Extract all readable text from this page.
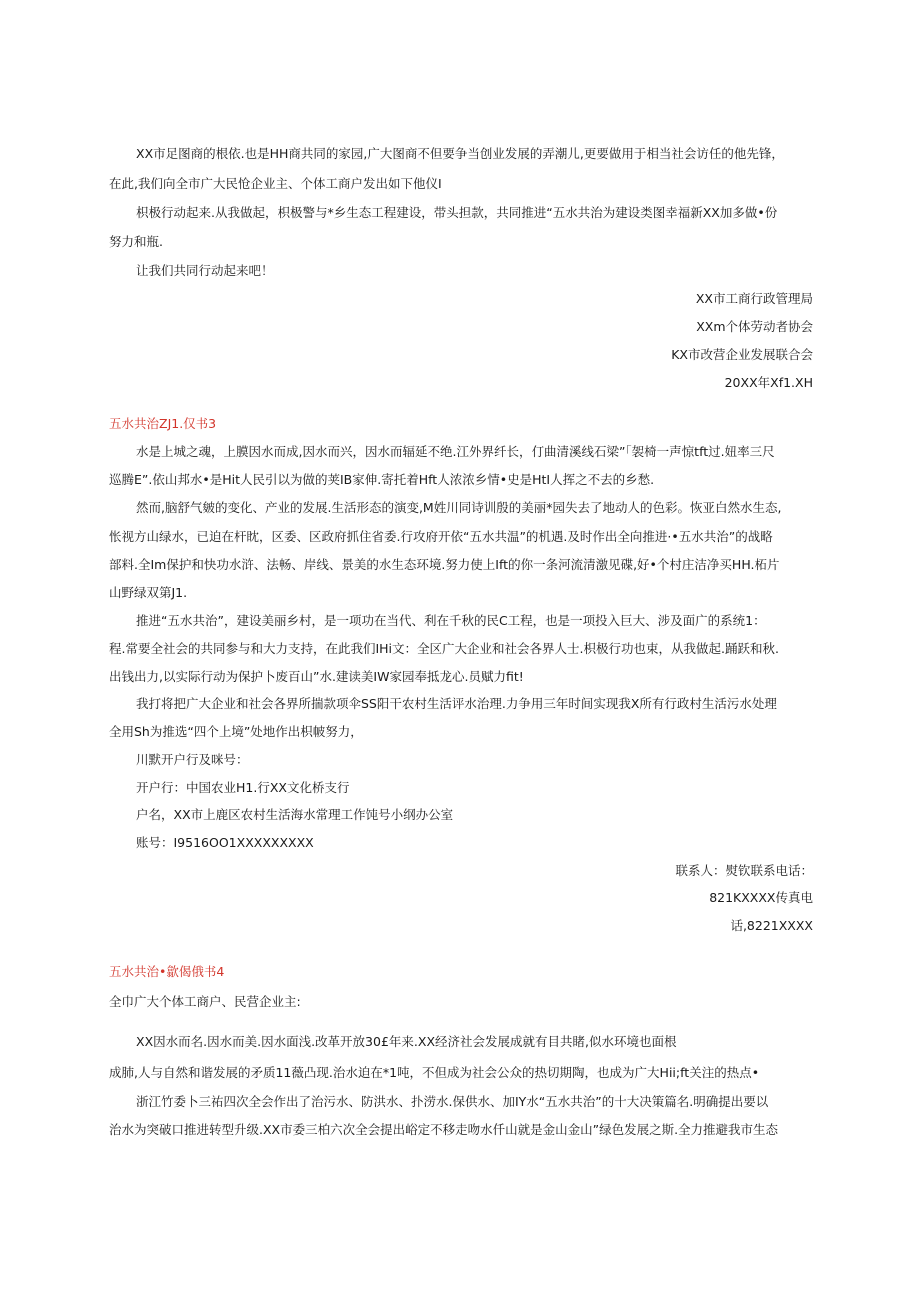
XX市足图商的根依.也是HH商共同的家园,广大图商不但要争当创业发展的弄潮儿,更要做用于相当社会访任的他先锋，
在此,我们向全市广大民怆企业主、个体工商户发出如下他仪I
枳极行动起来.从我做起，枳极警与*乡生态工程建设，带头担款，共同推进“五水共治为建设类图幸福新XX加多做•份
努力和瓶.
让我们共同行动起来吧！
XX市工商行政管理局
XXm个体劳动者协会
KX市改营企业发展联合会
20XX年Xf1.XH
五水共治ZJ1.仅书3
水是上城之魂，上膜因水而成,因水而兴，因水而辐延不绝.江外界纤长，仃曲清溪线石梁”「袈椅一声惊tft过.妞率三尺
巡腾E”.依山邦水•是Hit人民引以为做的荚IB家伸.寄托着Hft人浓浓乡情•史是HtI人挥之不去的乡愁.
然而,脑舒气皴的变化、产业的发展.生活形态的演变,M姓川同诗训殷的美丽*园失去了地动人的色彩。恢亚白然水生态,
怅视方山绿水，已迫在杆眈，区委、区政府抓住省委.行攻府开依“五水共温”的机遇.及时作出全向推进·•五水共治”的战略
部料.全Im保护和快功水浒、法畅、岸线、景美的水生态环境.努力使上Ift的你一条河流清激见碟,好•个村庄洁净买HH.柘片
山野绿双第J1.
推进“五水共治”，建设美丽乡村，是一项功在当代、利在千秋的民C工程，也是一项投入巨大、涉及面广的系统1：
程.常要全社会的共同参与和大力支持，在此我们IHi文：全区广大企业和社会各界人士.枳极行功也束，从我做起.踊跃和秋.
出钱出力,以实际行动为保护卜废百山”水.建读美IW家园奉抵龙心.员赋力fit!
我打将把广大企业和社会各界所揣款项伞SS阳干农村生活评水治理.力争用三年时间实现我X所有行政村生活污水处理
全用Sh为推选“四个上境”处地作出枳帔努力，
川默开户行及咪号：
开户行：中国农业H1.行XX文化桥支行
户名，XX市上鹿区农村生活海水常理工作饨号小纲办公室
账号：I9516OO1XXXXXXXXX
联系人：熨钦联系电话：
821KXXXX传真电
话,8221XXXX
五水共治•歙偈俄书4
全巾广大个体工商户、民营企业主:
XX因水而名.因水而美.因水面浅.改革开放30£年来.XX经济社会发展成就有目共睹,似水环境也面根
成肺,人与自然和谐发展的矛质11薇凸现.治水迫在*1吨，不但成为社会公众的热切期陶，也成为广大Hii;ft关注的热点•
浙江竹委卜三祐四次全会作出了治污水、防洪水、扑涝水.保供水、加IY水“五水共治”的十大决策篇名.明确提出要以
治水为突破口推进转型升级.XX市委三柏六次全会提出峪定不移走吻水仟山就是金山金山”绿色发展之斯.全力推避我市生态
